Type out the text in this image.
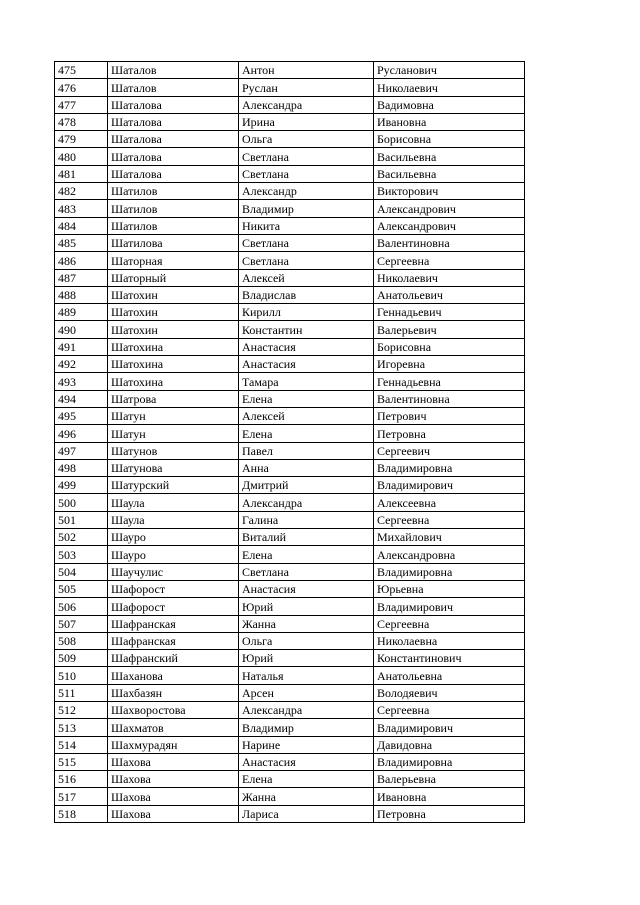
475	Шаталов	Антон	Русланович
476	Шаталов	Руслан	Николаевич
477	Шаталова	Александра	Вадимовна
478	Шаталова	Ирина	Ивановна
479	Шаталова	Ольга	Борисовна
480	Шаталова	Светлана	Васильевна
481	Шаталова	Светлана	Васильевна
482	Шатилов	Александр	Викторович
483	Шатилов	Владимир	Александрович
484	Шатилов	Никита	Александрович
485	Шатилова	Светлана	Валентиновна
486	Шаторная	Светлана	Сергеевна
487	Шаторный	Алексей	Николаевич
488	Шатохин	Владислав	Анатольевич
489	Шатохин	Кирилл	Геннадьевич
490	Шатохин	Константин	Валерьевич
491	Шатохина	Анастасия	Борисовна
492	Шатохина	Анастасия	Игоревна
493	Шатохина	Тамара	Геннадьевна
494	Шатрова	Елена	Валентиновна
495	Шатун	Алексей	Петрович
496	Шатун	Елена	Петровна
497	Шатунов	Павел	Сергеевич
498	Шатунова	Анна	Владимировна
499	Шатурский	Дмитрий	Владимирович
500	Шаула	Александра	Алексеевна
501	Шаула	Галина	Сергеевна
502	Шауро	Виталий	Михайлович
503	Шауро	Елена	Александровна
504	Шаучулис	Светлана	Владимировна
505	Шафорост	Анастасия	Юрьевна
506	Шафорост	Юрий	Владимирович
507	Шафранская	Жанна	Сергеевна
508	Шафранская	Ольга	Николаевна
509	Шафранский	Юрий	Константинович
510	Шаханова	Наталья	Анатольевна
511	Шахбазян	Арсен	Володяевич
512	Шахворостова	Александра	Сергеевна
513	Шахматов	Владимир	Владимирович
514	Шахмурадян	Нарине	Давидовна
515	Шахова	Анастасия	Владимировна
516	Шахова	Елена	Валерьевна
517	Шахова	Жанна	Ивановна
518	Шахова	Лариса	Петровна
